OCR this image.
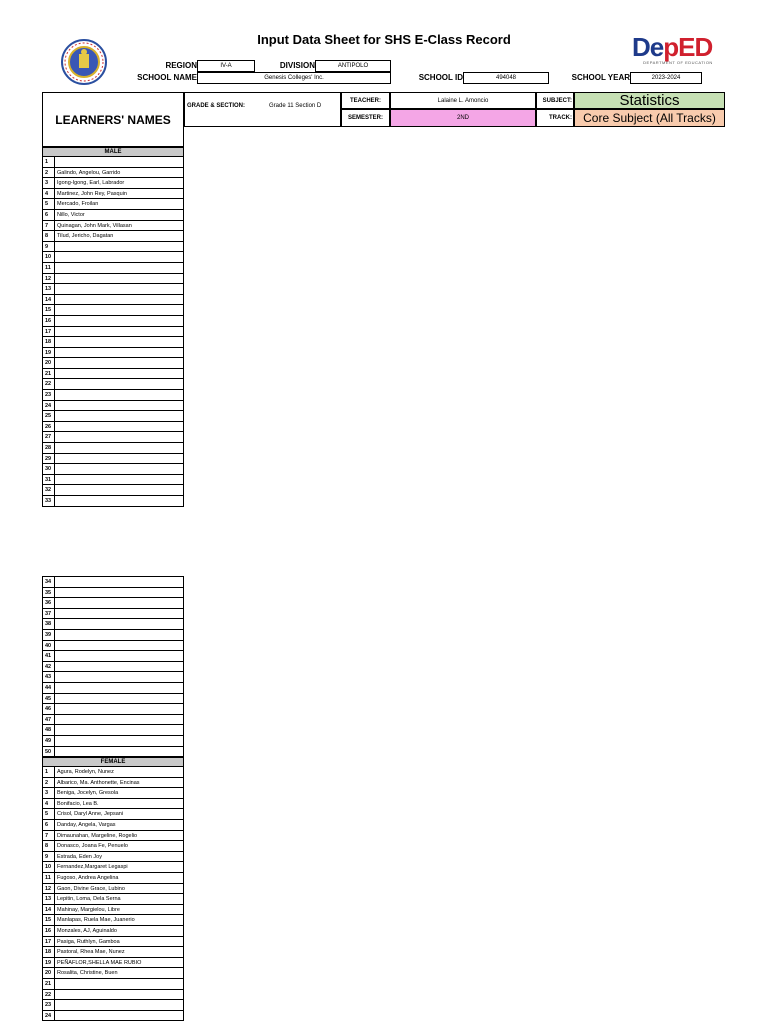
Input Data Sheet for SHS E-Class Record	DepED
DEPARTMENT OF EDUCATION
REGION	IV-A	DIVISION	ANTIPOLO
SCHOOL NAME	Genesis Colleges' Inc.	SCHOOL ID	494048	SCHOOL YEAR	2023-2024
LEARNERS' NAMES
GRADE & SECTION:	Grade 11 Section D
TEACHER:	Lalaine L. Amoncio
SEMESTER:	2ND
SUBJECT:	Statistics
TRACK: Core Subject (All Tracks)
MALE
1
2	Galindo, Angelou, Garrido
3	Igong-Igong, Earl, Labrador
4	Martinez, John Rey, Pasquin
5	Mercado, Froilan
6	Nillo, Victor
7	Quinagan, John Mark, Villasan
8	Tilud, Jericho, Dagatan
9
10
11
12
13
14
15
16
17
18
19
20
21
22
23
24
25
26
27
28
29
30
31
32
33
34
35
36
37
38
39
40
41
42
43
44
45
46
47
48
49
50
FEMALE
1	Agura, Rodelyn, Nunez
2	Albarico, Ma. Anthonette, Encinas
3	Beniga, Jocelyn, Gresola
4	Bonifacio, Lea B.
5	Crisol, Daryl Anne, Jepsani
6	Danday, Angela, Vargas
7	Dimaunahan, Margeline, Rogelio
8	Donasco, Joana Fe, Penuelo
9	Estrada, Eden Joy
10	Fernandez,Margaret Legaspi
11	Fugoso, Andrea Angelina
12	Gaon, Divine Grace, Lubino
13	Lepitin, Loma, Dela Serna
14	Mahinay, Margielou, Libre
15	Manlapas, Ruela Mae, Juanerio
16	Monzales, AJ, Aguinaldo
17	Pasiga, Ruthlyn, Gamboa
18	Pastoral, Rhea Mae, Nunez
19	PEÑAFLOR,SHELLA MAE RUBIO
20	Rosalita, Christine, Buen
21
22
23
24
